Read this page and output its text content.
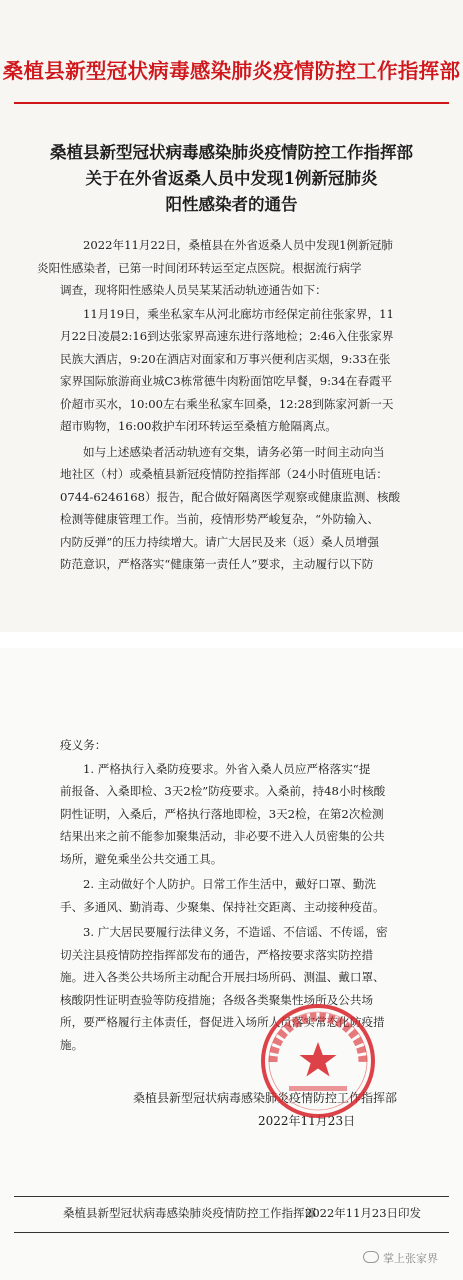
桑植县新型冠状病毒感染肺炎疫情防控工作指挥部
桑植县新型冠状病毒感染肺炎疫情防控工作指挥部
关于在外省返桑人员中发现1例新冠肺炎
阳性感染者的通告

2022年11月22日，桑植县在外省返桑人员中发现1例新冠肺
炎阳性感染者，已第一时间闭环转运至定点医院。根据流行病学
调查，现将阳性感染人员吴某某活动轨迹通告如下：

11月19日，乘坐私家车从河北廊坊市经保定前往张家界，11
月22日凌晨2:16到达张家界高速东进行落地检；2:46入住张家界
民族大酒店，9:20在酒店对面家和万事兴便利店买烟，9:33在张
家界国际旅游商业城C3栋常德牛肉粉面馆吃早餐，9:34在春霞平
价超市买水，10:00左右乘坐私家车回桑，12:28到陈家河新一天
超市购物，16:00救护车闭环转运至桑植方舱隔离点。

如与上述感染者活动轨迹有交集，请务必第一时间主动向当
地社区（村）或桑植县新冠疫情防控指挥部（24小时值班电话：
0744-6246168）报告，配合做好隔离医学观察或健康监测、核酸
检测等健康管理工作。当前，疫情形势严峻复杂，“外防输入、
内防反弹”的压力持续增大。请广大居民及来（返）桑人员增强
防范意识，严格落实“健康第一责任人”要求，主动履行以下防

疫义务：

1. 严格执行入桑防疫要求。外省入桑人员应严格落实“提
前报备、入桑即检、3天2检”防疫要求。入桑前，持48小时核酸
阴性证明，入桑后，严格执行落地即检，3天2检，在第2次检测
结果出来之前不能参加聚集活动，非必要不进入人员密集的公共
场所，避免乘坐公共交通工具。

2. 主动做好个人防护。日常工作生活中，戴好口罩、勤洗
手、多通风、勤消毒、少聚集、保持社交距离、主动接种疫苗。

3. 广大居民要履行法律义务，不造谣、不信谣、不传谣，密
切关注县疫情防控指挥部发布的通告，严格按要求落实防控措
施。进入各类公共场所主动配合开展扫场所码、测温、戴口罩、
核酸阴性证明查验等防疫措施；各级各类聚集性场所及公共场
所，要严格履行主体责任，督促进入场所人员落实常态化防疫措
施。

桑植县新型冠状病毒感染肺炎疫情防控工作指挥部
2022年11月23日
桑植县新型冠状病毒感染肺炎疫情防控工作指挥部
2022年11月23日印发
掌上张家界
